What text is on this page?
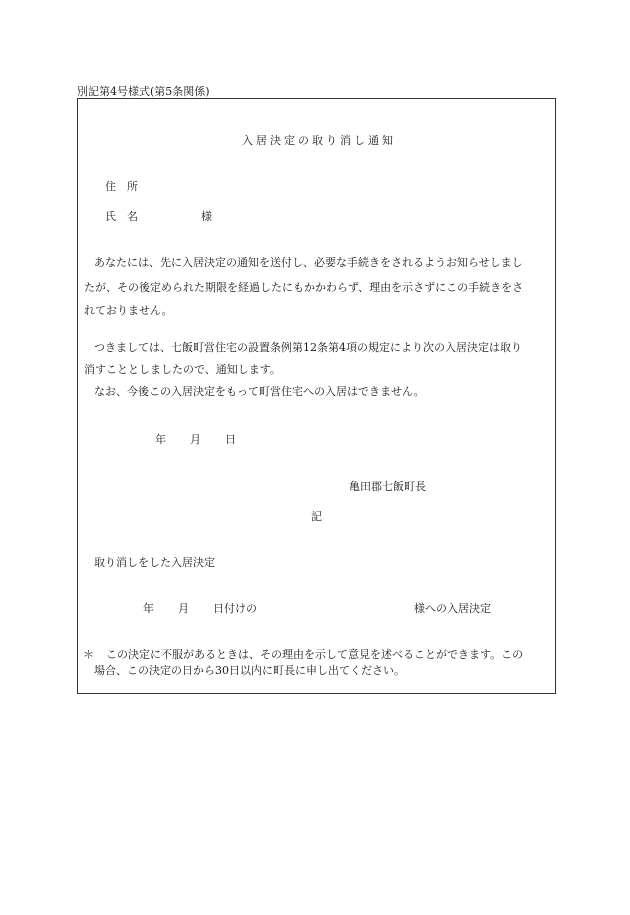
別記第4号様式(第5条関係)
入居決定の取り消し通知
住　所
氏　名	様
あなたには、先に入居決定の通知を送付し、必要な手続きをされるようお知らせしまし
たが、その後定められた期限を経過したにもかかわらず、理由を示さずにこの手続きをさ
れておりません。
つきましては、七飯町営住宅の設置条例第12条第4項の規定により次の入居決定は取り
消すこととしましたので、通知します。
なお、今後この入居決定をもって町営住宅への入居はできません。
年 月 日
亀田郡七飯町長
記
取り消しをした入居決定
年 月 日付けの	様への入居決定
＊ この決定に不服があるときは、その理由を示して意見を述べることができます。この
場合、この決定の日から30日以内に町長に申し出てください。
